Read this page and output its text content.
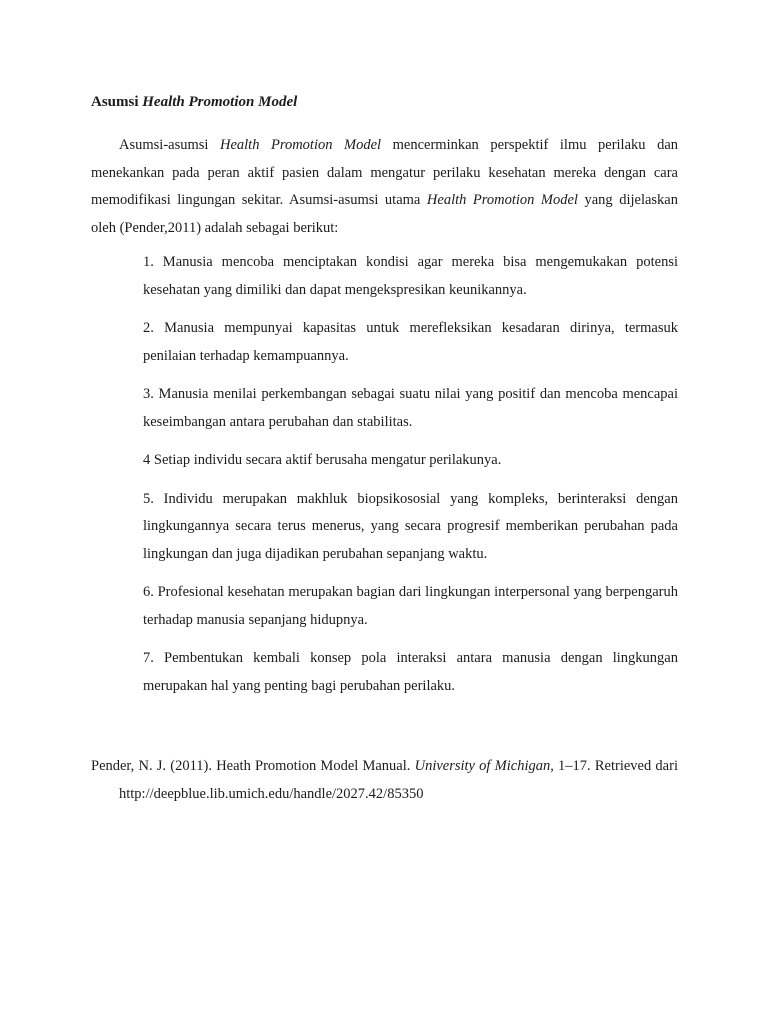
Asumsi Health Promotion Model

Asumsi-asumsi Health Promotion Model mencerminkan perspektif ilmu perilaku dan menekankan pada peran aktif pasien dalam mengatur perilaku kesehatan mereka dengan cara memodifikasi lingungan sekitar. Asumsi-asumsi utama Health Promotion Model yang dijelaskan oleh (Pender,2011) adalah sebagai berikut:

1. Manusia mencoba menciptakan kondisi agar mereka bisa mengemukakan potensi kesehatan yang dimiliki dan dapat mengekspresikan keunikannya.
2. Manusia mempunyai kapasitas untuk merefleksikan kesadaran dirinya, termasuk penilaian terhadap kemampuannya.
3. Manusia menilai perkembangan sebagai suatu nilai yang positif dan mencoba mencapai keseimbangan antara perubahan dan stabilitas.
4 Setiap individu secara aktif berusaha mengatur perilakunya.
5. Individu merupakan makhluk biopsikososial yang kompleks, berinteraksi dengan lingkungannya secara terus menerus, yang secara progresif memberikan perubahan pada lingkungan dan juga dijadikan perubahan sepanjang waktu.
6. Profesional kesehatan merupakan bagian dari lingkungan interpersonal yang berpengaruh terhadap manusia sepanjang hidupnya.
7. Pembentukan kembali konsep pola interaksi antara manusia dengan lingkungan merupakan hal yang penting bagi perubahan perilaku.

Pender, N. J. (2011). Heath Promotion Model Manual. University of Michigan, 1–17. Retrieved dari http://deepblue.lib.umich.edu/handle/2027.42/85350
